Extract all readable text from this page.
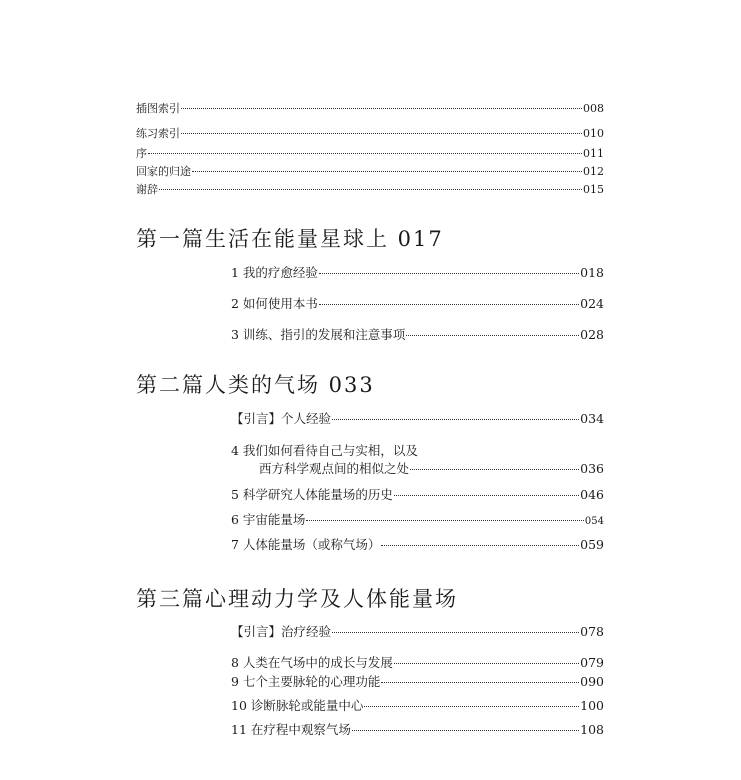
插图索引	008
练习索引	010
序	011
回家的归途	012
谢辞	015
第一篇生活在能量星球上 017
1 我的疗愈经验	018
2 如何使用本书	024
3 训练、指引的发展和注意事项	028
第二篇人类的气场 033
【引言】个人经验	034
4 我们如何看待自己与实相，以及
西方科学观点间的相似之处	036
5 科学研究人体能量场的历史	046
6 宇宙能量场	054
7 人体能量场（或称气场）	059
第三篇心理动力学及人体能量场
【引言】治疗经验	078
8 人类在气场中的成长与发展	079
9 七个主要脉轮的心理功能	090
10 诊断脉轮或能量中心	100
11 在疗程中观察气场	108
